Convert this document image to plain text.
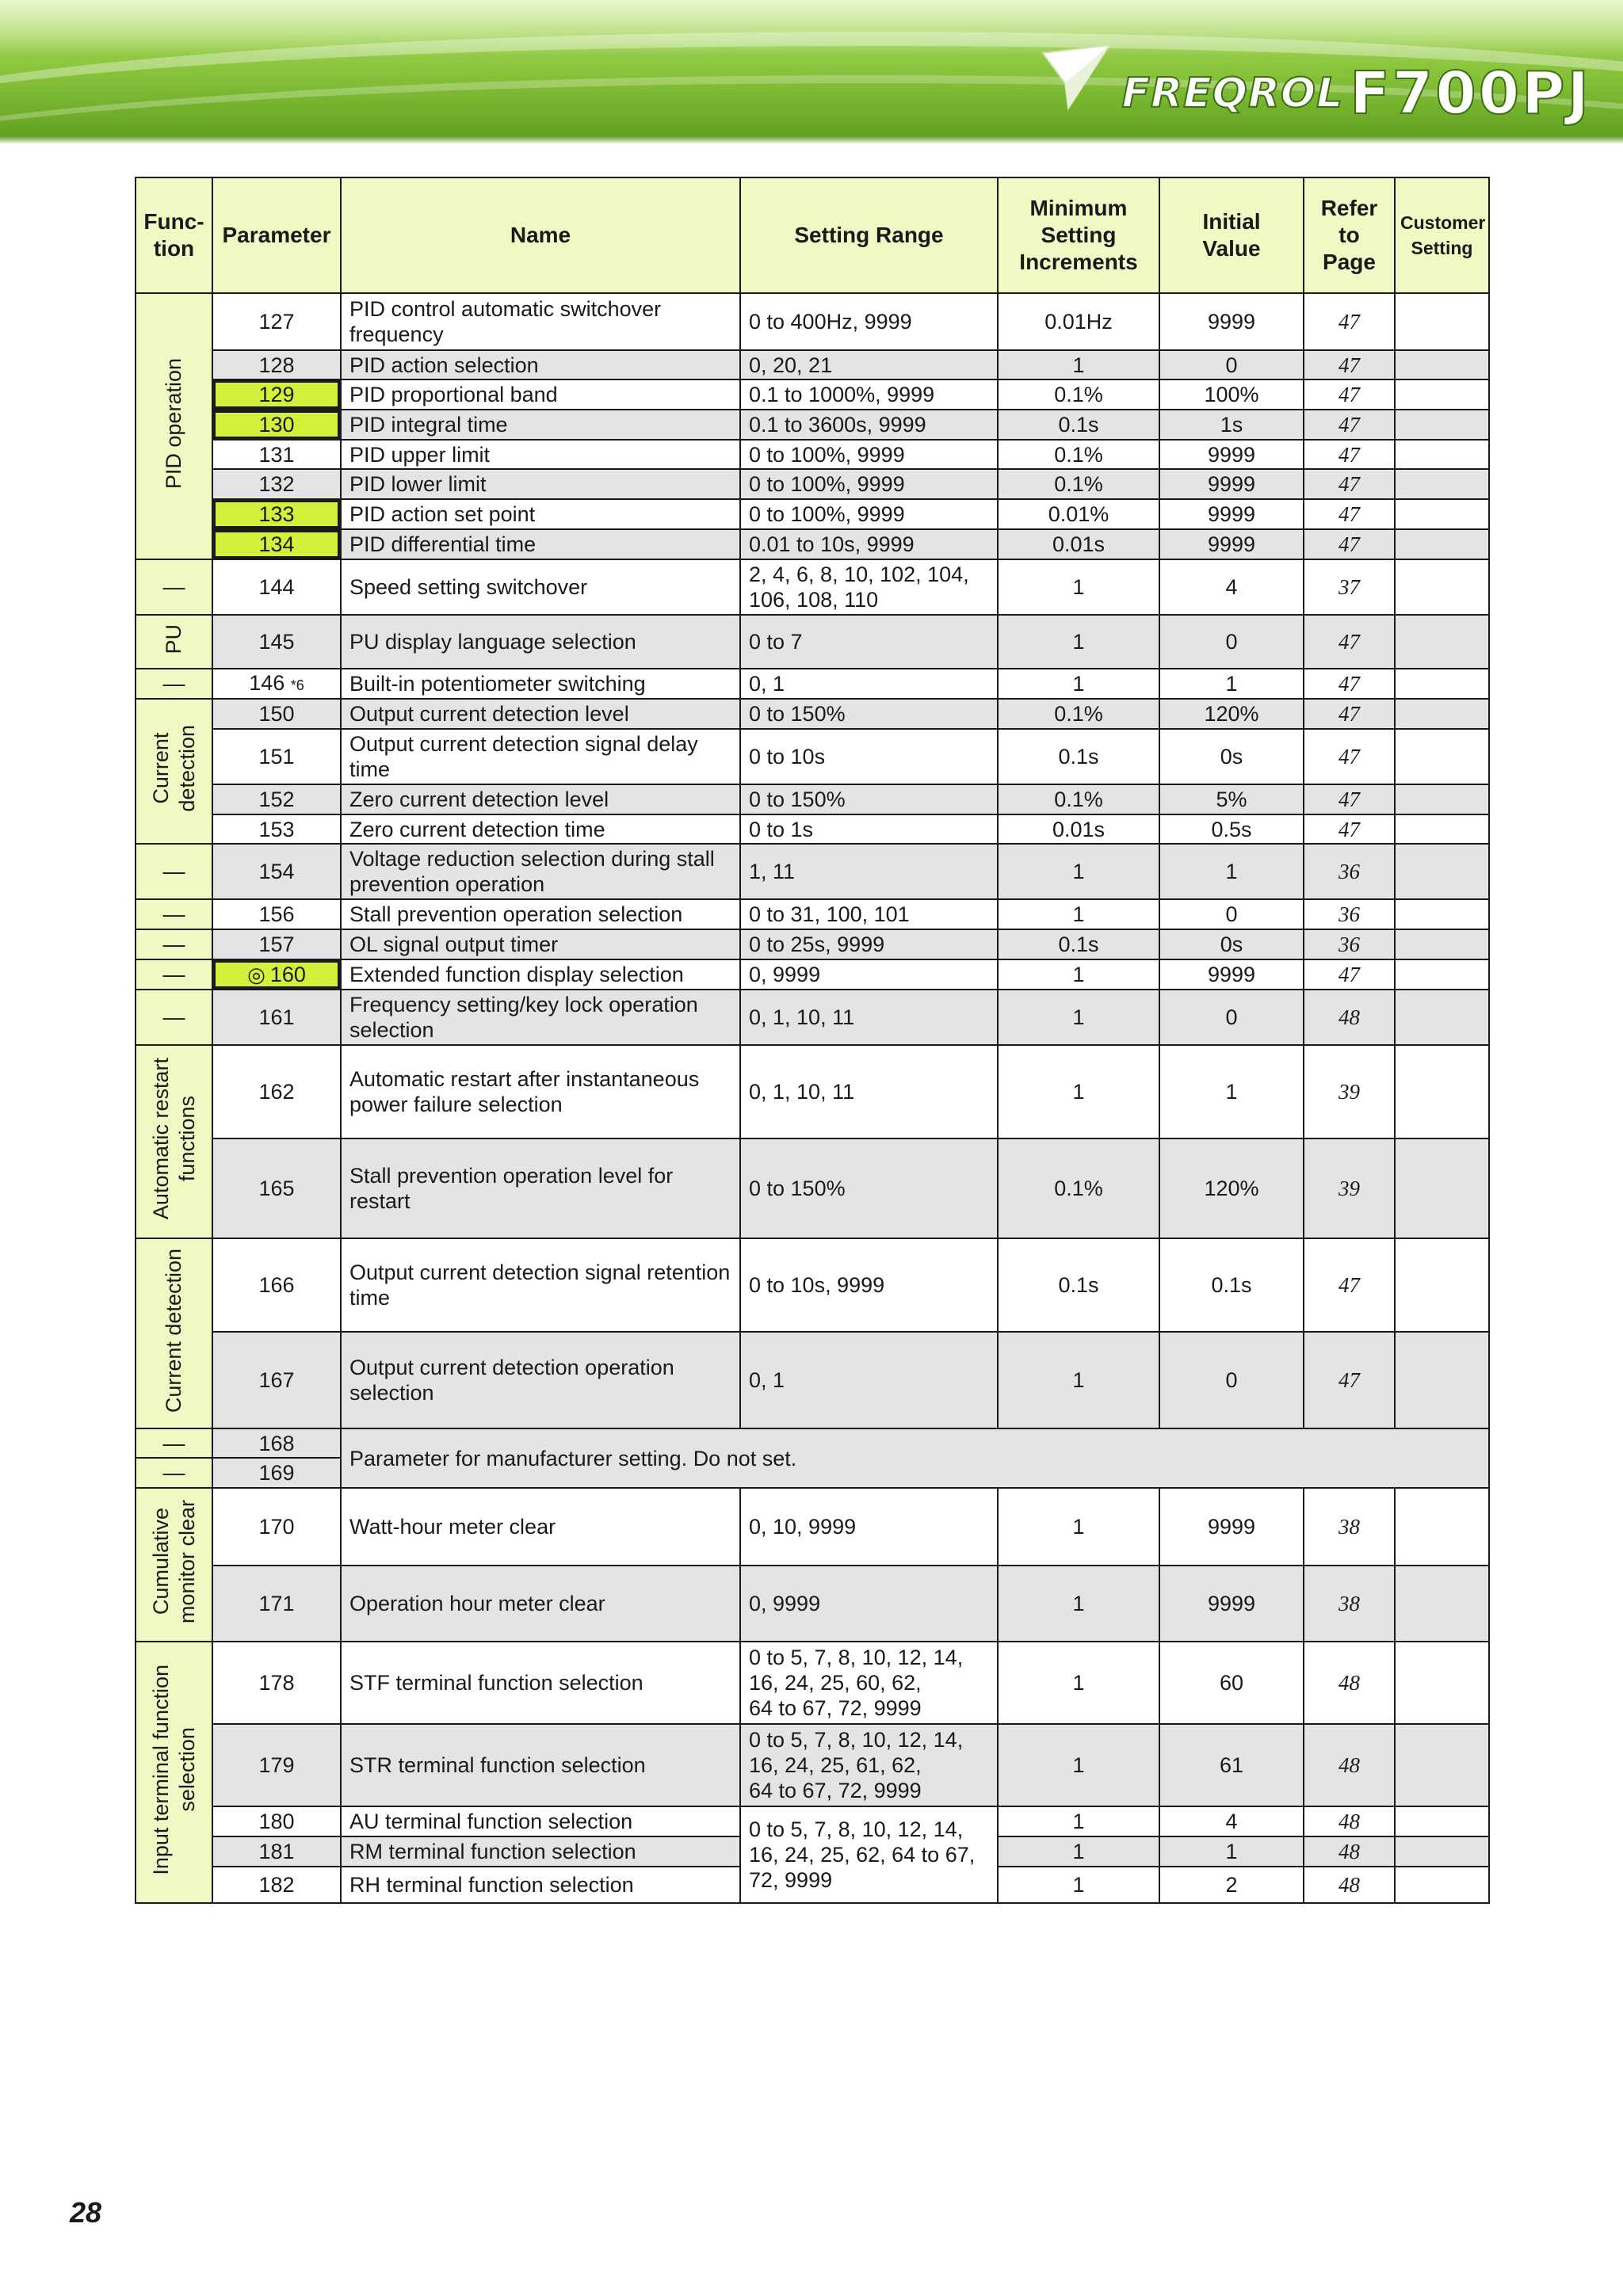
FREQROL F700PJ
Func-
tion	Parameter	Name	Setting Range	Minimum
Setting
Increments	Initial
Value	Refer
to
Page	Customer
Setting
PID operation	127	PID control automatic switchover frequency	0 to 400Hz, 9999	0.01Hz	9999	47	
	128	PID action selection	0, 20, 21	1	0	47	
	129	PID proportional band	0.1 to 1000%, 9999	0.1%	100%	47	
	130	PID integral time	0.1 to 3600s, 9999	0.1s	1s	47	
	131	PID upper limit	0 to 100%, 9999	0.1%	9999	47	
	132	PID lower limit	0 to 100%, 9999	0.1%	9999	47	
	133	PID action set point	0 to 100%, 9999	0.01%	9999	47	
	134	PID differential time	0.01 to 10s, 9999	0.01s	9999	47	
—	144	Speed setting switchover	2, 4, 6, 8, 10, 102, 104, 106, 108, 110	1	4	37	
PU	145	PU display language selection	0 to 7	1	0	47	
—	146 *6	Built-in potentiometer switching	0, 1	1	1	47	
Current
detection	150	Output current detection level	0 to 150%	0.1%	120%	47	
	151	Output current detection signal delay time	0 to 10s	0.1s	0s	47	
	152	Zero current detection level	0 to 150%	0.1%	5%	47	
	153	Zero current detection time	0 to 1s	0.01s	0.5s	47	
—	154	Voltage reduction selection during stall prevention operation	1, 11	1	1	36	
—	156	Stall prevention operation selection	0 to 31, 100, 101	1	0	36	
—	157	OL signal output timer	0 to 25s, 9999	0.1s	0s	36	
—	◎ 160	Extended function display selection	0, 9999	1	9999	47	
—	161	Frequency setting/key lock operation selection	0, 1, 10, 11	1	0	48	
Automatic restart
functions	162	Automatic restart after instantaneous power failure selection	0, 1, 10, 11	1	1	39	
	165	Stall prevention operation level for restart	0 to 150%	0.1%	120%	39	
Current detection	166	Output current detection signal retention time	0 to 10s, 9999	0.1s	0.1s	47	
	167	Output current detection operation selection	0, 1	1	0	47	
—	168	Parameter for manufacturer setting. Do not set.					
—	169						
Cumulative
monitor clear	170	Watt-hour meter clear	0, 10, 9999	1	9999	38	
	171	Operation hour meter clear	0, 9999	1	9999	38	
Input terminal function
selection	178	STF terminal function selection	0 to 5, 7, 8, 10, 12, 14,
16, 24, 25, 60, 62,
64 to 67, 72, 9999	1	60	48	
	179	STR terminal function selection	0 to 5, 7, 8, 10, 12, 14,
16, 24, 25, 61, 62,
64 to 67, 72, 9999	1	61	48	
	180	AU terminal function selection	0 to 5, 7, 8, 10, 12, 14,
16, 24, 25, 62, 64 to 67,
72, 9999	1	4	48	
	181	RM terminal function selection		1	1	48	
	182	RH terminal function selection		1	2	48	
28
